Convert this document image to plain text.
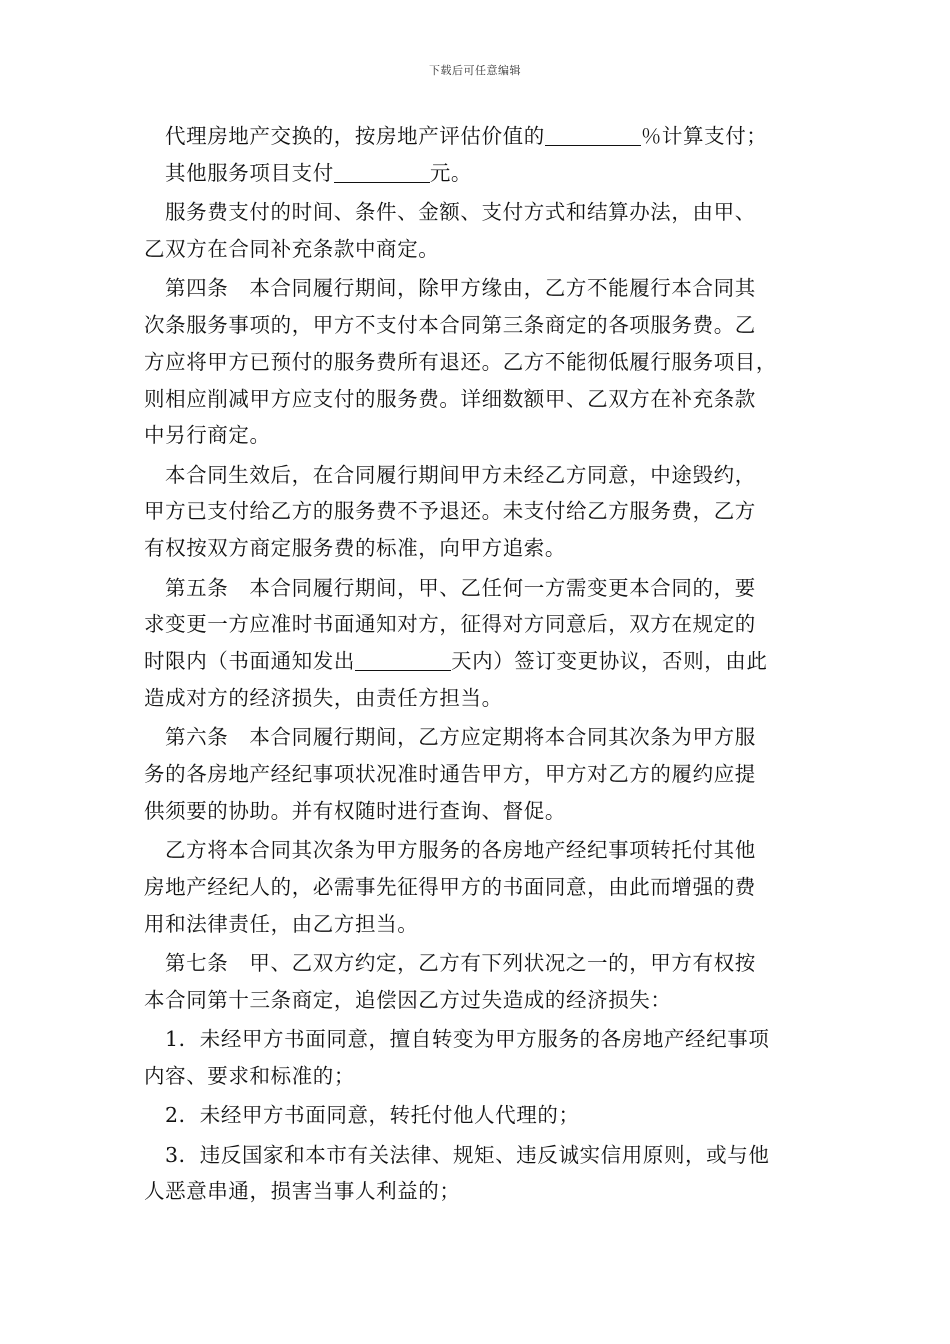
下载后可任意编辑
代理房地产交换的，按房地产评估价值的	％计算支付；
其他服务项目支付	元。
服务费支付的时间、条件、金额、支付方式和结算办法，由甲、
乙双方在合同补充条款中商定。
第四条　本合同履行期间，除甲方缘由，乙方不能履行本合同其
次条服务事项的，甲方不支付本合同第三条商定的各项服务费。乙
方应将甲方已预付的服务费所有退还。乙方不能彻低履行服务项目，
则相应削减甲方应支付的服务费。详细数额甲、乙双方在补充条款
中另行商定。
本合同生效后，在合同履行期间甲方未经乙方同意，中途毁约，
甲方已支付给乙方的服务费不予退还。未支付给乙方服务费，乙方
有权按双方商定服务费的标准，向甲方追索。
第五条　本合同履行期间，甲、乙任何一方需变更本合同的，要
求变更一方应准时书面通知对方，征得对方同意后，双方在规定的
时限内（书面通知发出	天内）签订变更协议，否则，由此
造成对方的经济损失，由责任方担当。
第六条　本合同履行期间，乙方应定期将本合同其次条为甲方服
务的各房地产经纪事项状况准时通告甲方，甲方对乙方的履约应提
供须要的协助。并有权随时进行查询、督促。
乙方将本合同其次条为甲方服务的各房地产经纪事项转托付其他
房地产经纪人的，必需事先征得甲方的书面同意，由此而增强的费
用和法律责任，由乙方担当。
第七条　甲、乙双方约定，乙方有下列状况之一的，甲方有权按
本合同第十三条商定，追偿因乙方过失造成的经济损失：
1．未经甲方书面同意，擅自转变为甲方服务的各房地产经纪事项
内容、要求和标准的；
2．未经甲方书面同意，转托付他人代理的；
3．违反国家和本市有关法律、规矩、违反诚实信用原则，或与他
人恶意串通，损害当事人利益的；
